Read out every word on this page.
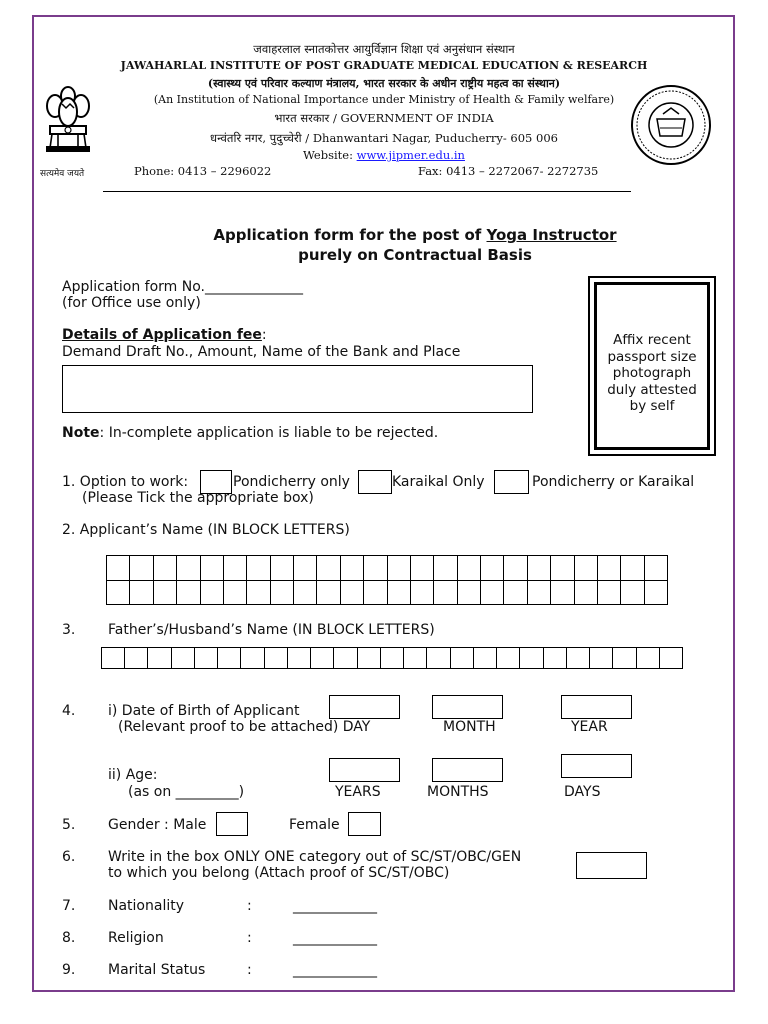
सत्यमेव जयते
जवाहरलाल स्नातकोत्तर आयुर्विज्ञान शिक्षा एवं अनुसंधान संस्थान
JAWAHARLAL INSTITUTE OF POST GRADUATE MEDICAL EDUCATION & RESEARCH
(स्वास्थ्य एवं परिवार कल्याण मंत्रालय, भारत सरकार के अधीन राष्ट्रीय महत्व का संस्थान)
(An Institution of National Importance under Ministry of Health & Family welfare)
भारत सरकार / GOVERNMENT OF INDIA
धन्वंतरि नगर, पुदुच्चेरी / Dhanwantari Nagar, Puducherry- 605 006
Website: www.jipmer.edu.in
Phone: 0413 – 2296022	Fax: 0413 – 2272067- 2272735
Application form for the post of Yoga Instructor
purely on Contractual Basis
Application form No.______________
(for Office use only)
Affix recent passport size photograph duly attested by self
Details of Application fee:
Demand Draft No., Amount, Name of the Bank and Place
Note: In-complete application is liable to be rejected.
1. Option to work:	Pondicherry only	Karaikal Only	Pondicherry or Karaikal
(Please Tick the appropriate box)
2. Applicant’s Name (IN BLOCK LETTERS)
3. Father’s/Husband’s Name (IN BLOCK LETTERS)
4. i) Date of Birth of Applicant
(Relevant proof to be attached) DAY	MONTH	YEAR
ii) Age:
(as on _________)	YEARS	MONTHS	DAYS
5. Gender : Male	Female
6. Write in the box ONLY ONE category out of SC/ST/OBC/GEN
to which you belong (Attach proof of SC/ST/OBC)
7. Nationality	:	____________
8. Religion	:	____________
9. Marital Status	:	____________
